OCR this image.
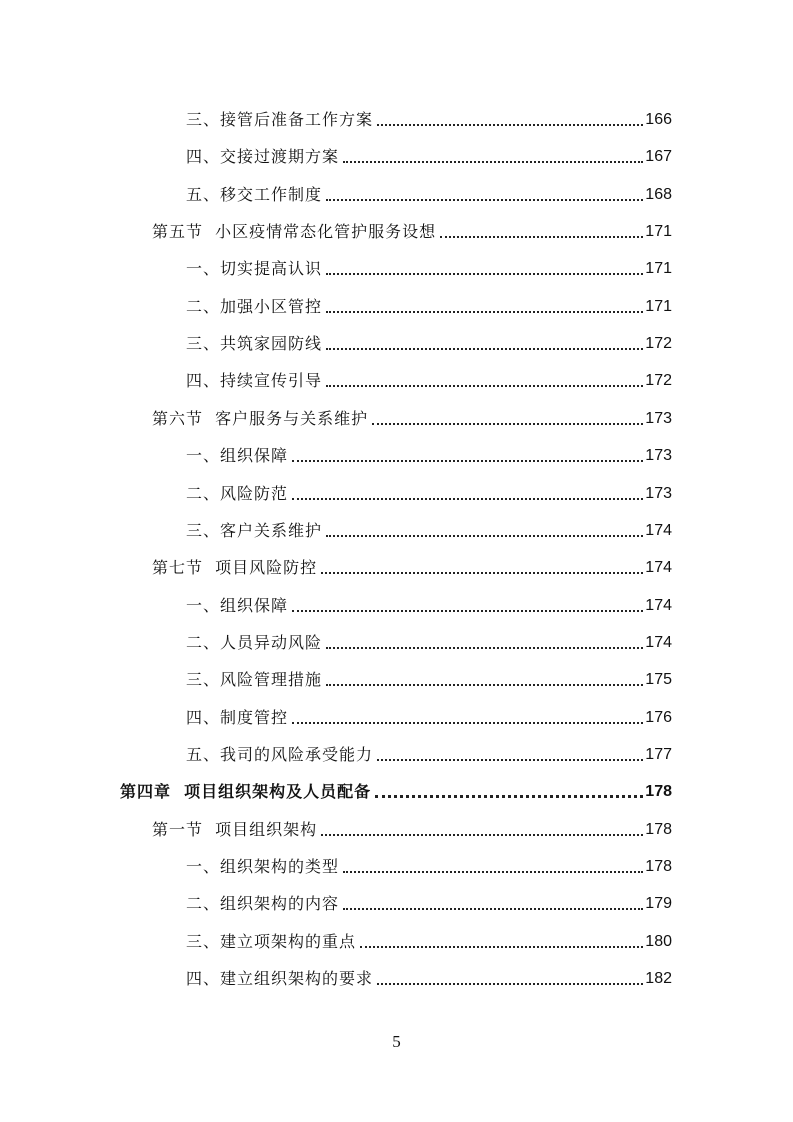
三、接管后准备工作方案	166
四、交接过渡期方案	167
五、移交工作制度	168
第五节  小区疫情常态化管护服务设想	171
一、切实提高认识	171
二、加强小区管控	171
三、共筑家园防线	172
四、持续宣传引导	172
第六节  客户服务与关系维护	173
一、组织保障	173
二、风险防范	173
三、客户关系维护	174
第七节  项目风险防控	174
一、组织保障	174
二、人员异动风险	174
三、风险管理措施	175
四、制度管控	176
五、我司的风险承受能力	177
第四章  项目组织架构及人员配备	178
第一节  项目组织架构	178
一、组织架构的类型	178
二、组织架构的内容	179
三、建立项架构的重点	180
四、建立组织架构的要求	182
5
